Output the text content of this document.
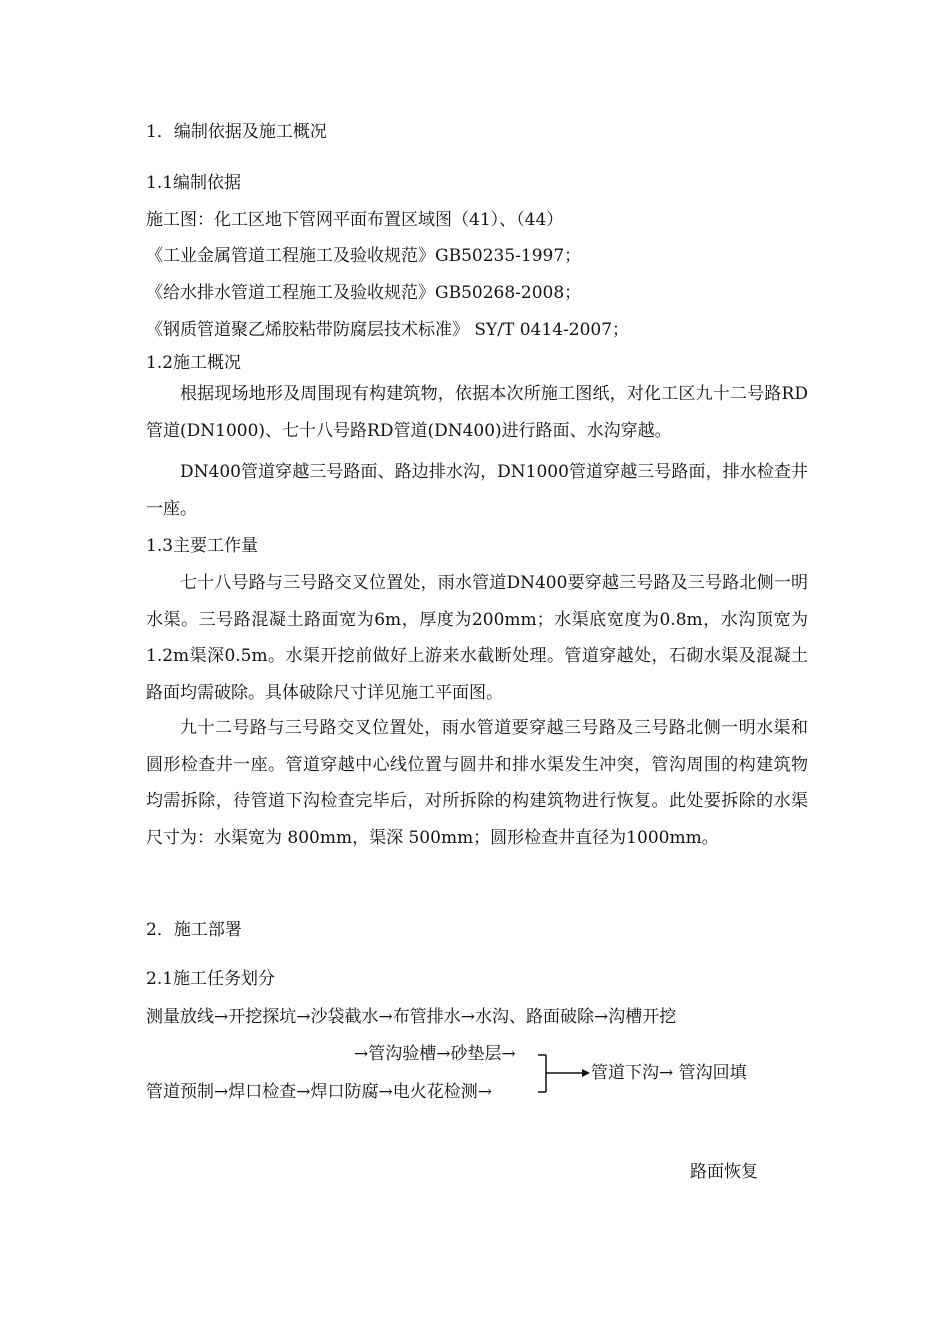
1．编制依据及施工概况
1.1编制依据
施工图：化工区地下管网平面布置区域图（41）、（44）
《工业金属管道工程施工及验收规范》GB50235-1997；
《给水排水管道工程施工及验收规范》GB50268-2008；
《钢质管道聚乙烯胶粘带防腐层技术标准》 SY/T 0414-2007；
1.2施工概况
根据现场地形及周围现有构建筑物，依据本次所施工图纸，对化工区九十二号路RD管道(DN1000)、七十八号路RD管道(DN400)进行路面、水沟穿越。
DN400管道穿越三号路面、路边排水沟，DN1000管道穿越三号路面，排水检查井一座。
1.3主要工作量
七十八号路与三号路交叉位置处，雨水管道DN400要穿越三号路及三号路北侧一明水渠。三号路混凝土路面宽为6m，厚度为200mm；水渠底宽度为0.8m，水沟顶宽为1.2m渠深0.5m。水渠开挖前做好上游来水截断处理。管道穿越处，石砌水渠及混凝土路面均需破除。具体破除尺寸详见施工平面图。
九十二号路与三号路交叉位置处，雨水管道要穿越三号路及三号路北侧一明水渠和圆形检查井一座。管道穿越中心线位置与圆井和排水渠发生冲突，管沟周围的构建筑物均需拆除，待管道下沟检查完毕后，对所拆除的构建筑物进行恢复。此处要拆除的水渠尺寸为：水渠宽为 800mm，渠深 500mm；圆形检查井直径为1000mm。
2．施工部署
2.1施工任务划分
测量放线→开挖探坑→沙袋截水→布管排水→水沟、路面破除→沟槽开挖
→管沟验槽→砂垫层→
管道预制→焊口检查→焊口防腐→电火花检测→
管道下沟→ 管沟回填
路面恢复
